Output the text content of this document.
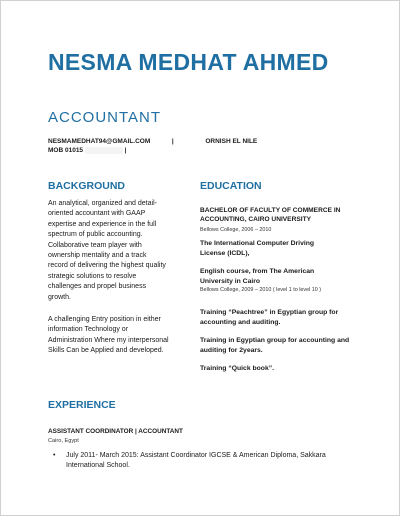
NESMA MEDHAT AHMED
ACCOUNTANT
NESMAMEDHAT94@GMAIL.COM	|	ORNISH EL NILE
MOB 01015	|
BACKGROUND
An analytical, organized and detail-oriented accountant with GAAP expertise and experience in the full spectrum of public accounting. Collaborative team player with ownership mentality and a track record of delivering the highest quality strategic solutions to resolve challenges and propel business growth.
A challenging Entry position in either information Technology or Administration Where my interpersonal Skills Can be Applied and developed.
EDUCATION
BACHELOR OF FACULTY OF COMMERCE IN ACCOUNTING, CAIRO UNIVERSITY
Bellows College, 2006 – 2010
The International Computer Driving License (ICDL),
English course, from The American University in Cairo
Bellows College, 2009 – 2010 ( level 1 to level 10 )
Training “Peachtree” in Egyptian group for accounting and auditing.
Training in Egyptian group for accounting and auditing for 2years.
Training “Quick book”.
EXPERIENCE
ASSISTANT COORDINATOR | ACCOUNTANT
Cairo, Egypt
• July 2011- March 2015: Assistant Coordinator IGCSE & American Diploma, Sakkara International School.
